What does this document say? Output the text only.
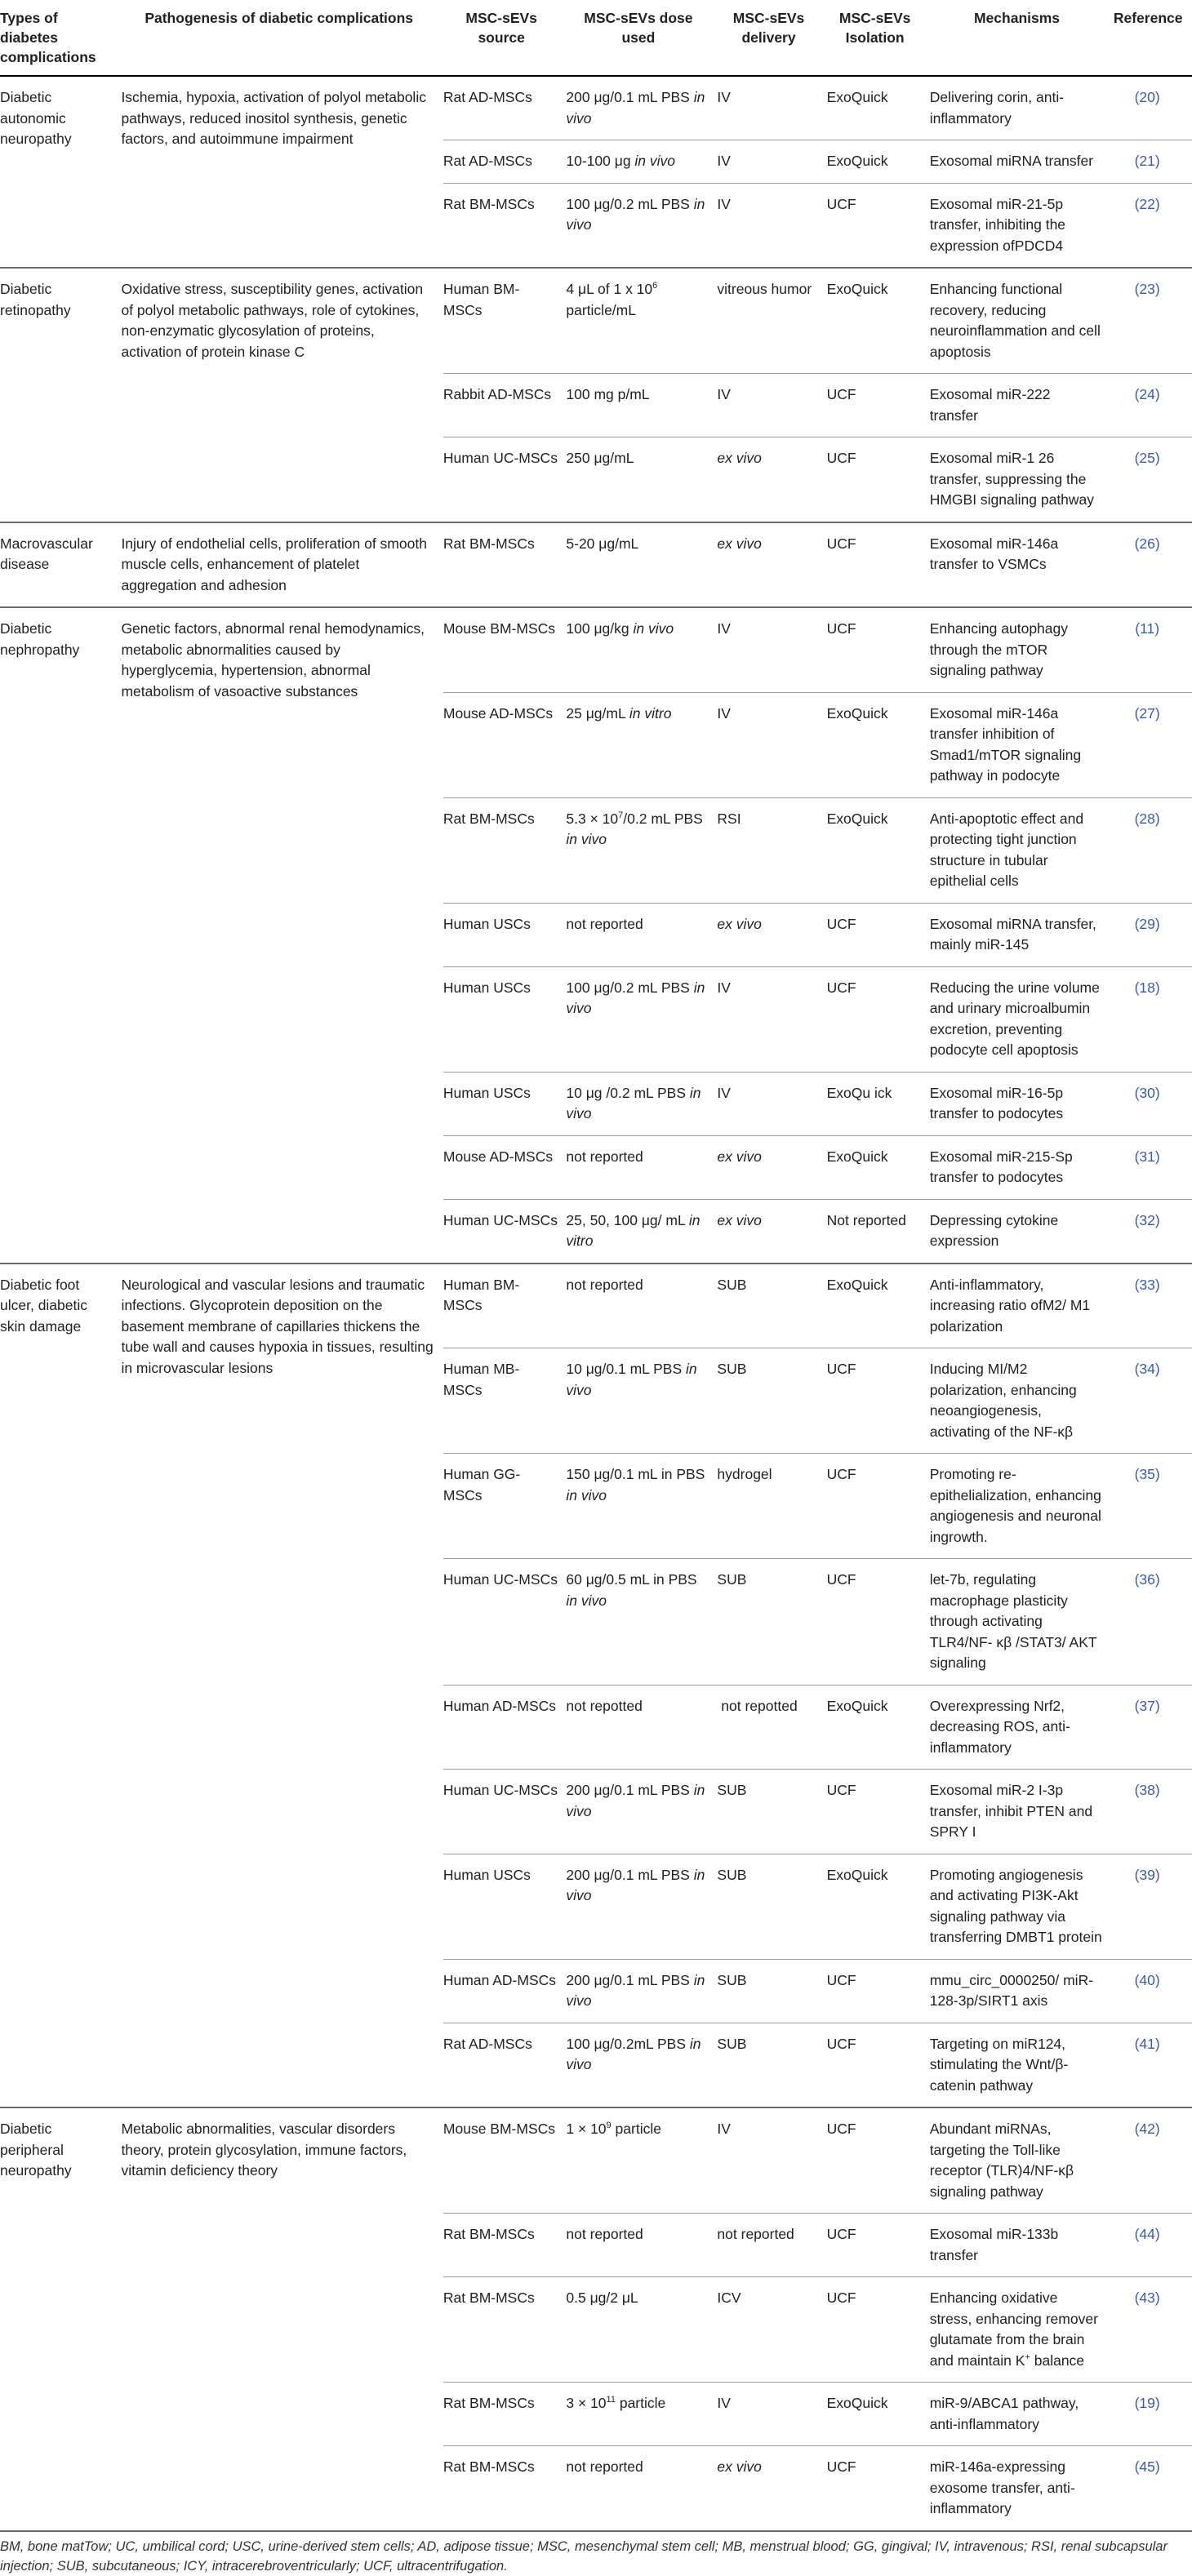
Types of diabetes complications	Pathogenesis of diabetic complications	MSC-sEVs source	MSC-sEVs dose used	MSC-sEVs delivery	MSC-sEVs Isolation	Mechanisms	Reference
Diabetic autonomic neuropathy	Ischemia, hypoxia, activation of polyol metabolic pathways, reduced inositol synthesis, genetic factors, and autoimmune impairment	Rat AD-MSCs	200 μg/0.1 mL PBS in vivo	IV	ExoQuick	Delivering corin, anti-inflammatory	(20)
		Rat AD-MSCs	10-100 μg in vivo	IV	ExoQuick	Exosomal miRNA transfer	(21)
		Rat BM-MSCs	100 μg/0.2 mL PBS in vivo	IV	UCF	Exosomal miR-21-5p transfer, inhibiting the expression ofPDCD4	(22)
Diabetic retinopathy	Oxidative stress, susceptibility genes, activation of polyol metabolic pathways, role of cytokines, non-enzymatic glycosylation of proteins, activation of protein kinase C	Human BM-MSCs	4 μL of 1 x $10^6$ particle/mL	vitreous humor	ExoQuick	Enhancing functional recovery, reducing neuroinflammation and cell apoptosis	(23)
		Rabbit AD-MSCs	100 mg p/mL	IV	UCF	Exosomal miR-222 transfer	(24)
		Human UC-MSCs	250 μg/mL	ex vivo	UCF	Exosomal miR-1 26 transfer, suppressing the HMGBI signaling pathway	(25)
Macrovascular disease	Injury of endothelial cells, proliferation of smooth muscle cells, enhancement of platelet aggregation and adhesion	Rat BM-MSCs	5-20 μg/mL	ex vivo	UCF	Exosomal miR-146a transfer to VSMCs	(26)
Diabetic nephropathy	Genetic factors, abnormal renal hemodynamics, metabolic abnormalities caused by hyperglycemia, hypertension, abnormal metabolism of vasoactive substances	Mouse BM-MSCs	100 μg/kg in vivo	IV	UCF	Enhancing autophagy through the mTOR signaling pathway	(11)
		Mouse AD-MSCs	25 μg/mL in vitro	IV	ExoQuick	Exosomal miR-146a transfer inhibition of Smad1/mTOR signaling pathway in podocyte	(27)
		Rat BM-MSCs	$5.3 \times 10^7/0.2$ mL PBS in vivo	RSI	ExoQuick	Anti-apoptotic effect and protecting tight junction structure in tubular epithelial cells	(28)
		Human USCs	not reported	ex vivo	UCF	Exosomal miRNA transfer, mainly miR-145	(29)
		Human USCs	100 μg/0.2 mL PBS in vivo	IV	UCF	Reducing the urine volume and urinary microalbumin excretion, preventing podocyte cell apoptosis	(18)
		Human USCs	10 μg /0.2 mL PBS in vivo	IV	ExoQu ick	Exosomal miR-16-5p transfer to podocytes	(30)
		Mouse AD-MSCs	not reported	ex vivo	ExoQuick	Exosomal miR-215-Sp transfer to podocytes	(31)
		Human UC-MSCs	25, 50, 100 μg/ mL in vitro	ex vivo	Not reported	Depressing cytokine expression	(32)
Diabetic foot ulcer, diabetic skin damage	Neurological and vascular lesions and traumatic infections. Glycoprotein deposition on the basement membrane of capillaries thickens the tube wall and causes hypoxia in tissues, resulting in microvascular lesions	Human BM-MSCs	not reported	SUB	ExoQuick	Anti-inflammatory, increasing ratio ofM2/ M1 polarization	(33)
		Human MB-MSCs	10 μg/0.1 mL PBS in vivo	SUB	UCF	Inducing MI/M2 polarization, enhancing neoangiogenesis, activating of the NF-κβ	(34)
		Human GG-MSCs	150 μg/0.1 mL in PBS in vivo	hydrogel	UCF	Promoting re-epithelialization, enhancing angiogenesis and neuronal ingrowth.	(35)
		Human UC-MSCs	60 μg/0.5 mL in PBS in vivo	SUB	UCF	let-7b, regulating macrophage plasticity through activating TLR4/NF- κβ /STAT3/ AKT signaling	(36)
		Human AD-MSCs	not repotted	not repotted	ExoQuick	Overexpressing Nrf2, decreasing ROS, anti-inflammatory	(37)
		Human UC-MSCs	200 μg/0.1 mL PBS in vivo	SUB	UCF	Exosomal miR-2 I-3p transfer, inhibit PTEN and SPRY I	(38)
		Human USCs	200 μg/0.1 mL PBS in vivo	SUB	ExoQuick	Promoting angiogenesis and activating PI3K-Akt signaling pathway via transferring DMBT1 protein	(39)
		Human AD-MSCs	200 μg/0.1 mL PBS in vivo	SUB	UCF	mmu_circ_0000250/ miR-128-3p/SIRT1 axis	(40)
		Rat AD-MSCs	100 μg/0.2mL PBS in vivo	SUB	UCF	Targeting on miR124, stimulating the Wnt/β-catenin pathway	(41)
Diabetic peripheral neuropathy	Metabolic abnormalities, vascular disorders theory, protein glycosylation, immune factors, vitamin deficiency theory	Mouse BM-MSCs	$1 \times 10^9$ particle	IV	UCF	Abundant miRNAs, targeting the Toll-like receptor (TLR)4/NF-κβ signaling pathway	(42)
		Rat BM-MSCs	not reported	not reported	UCF	Exosomal miR-133b transfer	(44)
		Rat BM-MSCs	0.5 μg/2 μL	ICV	UCF	Enhancing oxidative stress, enhancing remover glutamate from the brain and maintain K+ balance	(43)
		Rat BM-MSCs	$3 \times 10^{11}$ particle	IV	ExoQuick	miR-9/ABCA1 pathway, anti-inflammatory	(19)
		Rat BM-MSCs	not reported	ex vivo	UCF	miR-146a-expressing exosome transfer, anti-inflammatory	(45)
BM, bone matTow; UC, umbilical cord; USC, urine-derived stem cells; AD, adipose tissue; MSC, mesenchymal stem cell; MB, menstrual blood; GG, gingival; IV, intravenous; RSI, renal subcapsular injection; SUB, subcutaneous; ICY, intracerebroventricularly; UCF, ultracentrifugation.
